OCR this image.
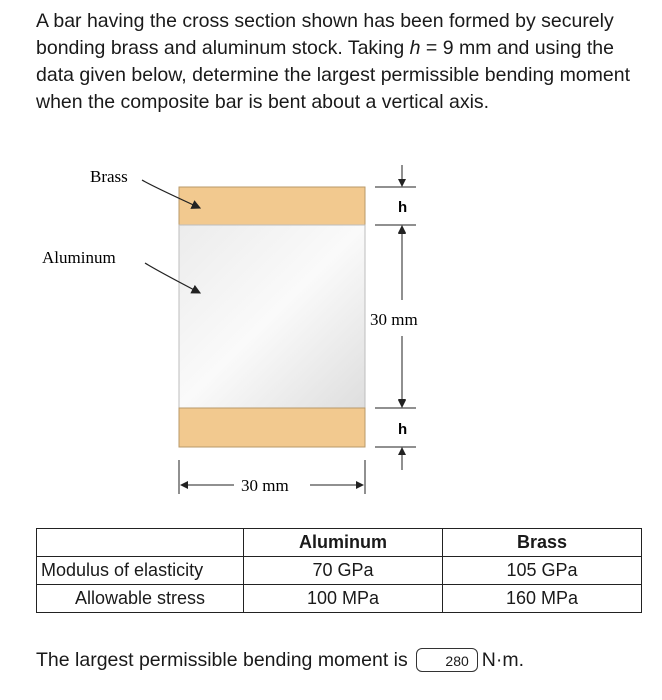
A bar having the cross section shown has been formed by securely bonding brass and aluminum stock. Taking h = 9 mm and using the data given below, determine the largest permissible bending moment when the composite bar is bent about a vertical axis.

Brass
Aluminum
h
30 mm
h
30 mm
	Aluminum	Brass
Modulus of elasticity	70 GPa	105 GPa
Allowable stress	100 MPa	160 MPa
The largest permissible bending moment is	280 N·m.
